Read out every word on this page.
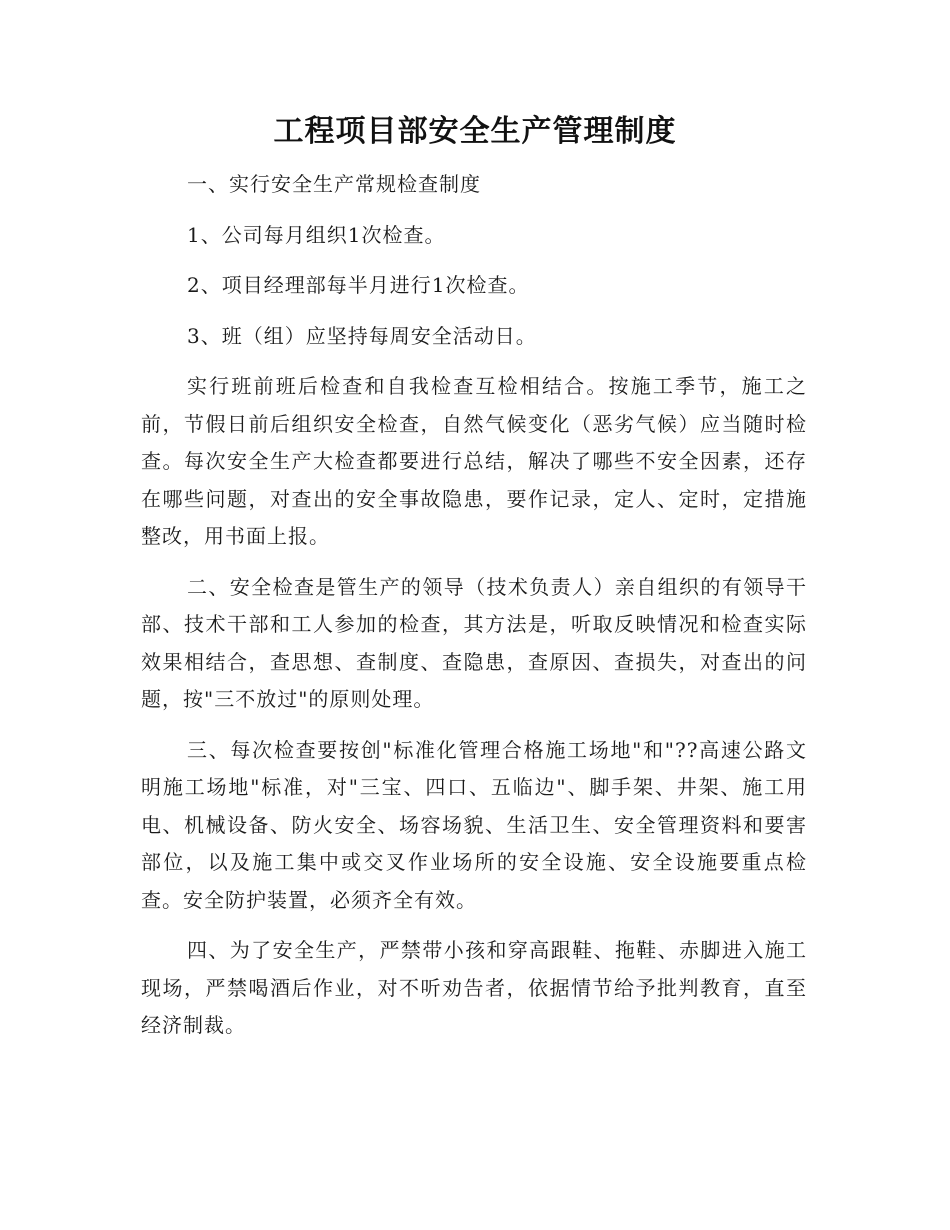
工程项目部安全生产管理制度

一、实行安全生产常规检查制度

1、公司每月组织1次检查。

2、项目经理部每半月进行1次检查。

3、班（组）应坚持每周安全活动日。

实行班前班后检查和自我检查互检相结合。按施工季节，施工之前，节假日前后组织安全检查，自然气候变化（恶劣气候）应当随时检查。每次安全生产大检查都要进行总结，解决了哪些不安全因素，还存在哪些问题，对查出的安全事故隐患，要作记录，定人、定时，定措施整改，用书面上报。

二、安全检查是管生产的领导（技术负责人）亲自组织的有领导干部、技术干部和工人参加的检查，其方法是，听取反映情况和检查实际效果相结合，查思想、查制度、查隐患，查原因、查损失，对查出的问题，按"三不放过"的原则处理。

三、每次检查要按创"标准化管理合格施工场地"和"??高速公路文明施工场地"标准，对"三宝、四口、五临边"、脚手架、井架、施工用电、机械设备、防火安全、场容场貌、生活卫生、安全管理资料和要害部位，以及施工集中或交叉作业场所的安全设施、安全设施要重点检查。安全防护装置，必须齐全有效。

四、为了安全生产，严禁带小孩和穿高跟鞋、拖鞋、赤脚进入施工现场，严禁喝酒后作业，对不听劝告者，依据情节给予批判教育，直至经济制裁。
